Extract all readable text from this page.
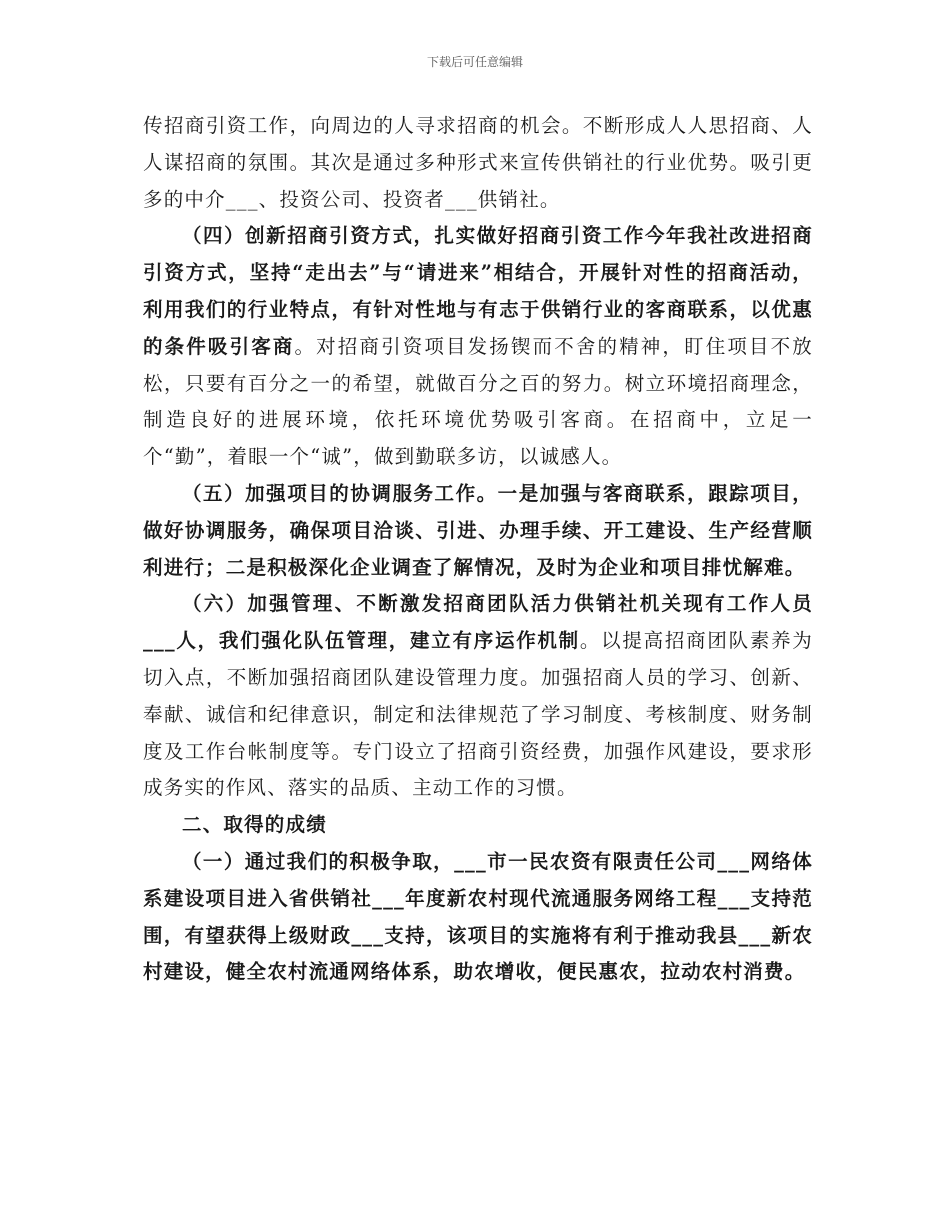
下载后可任意编辑

传招商引资工作，向周边的人寻求招商的机会。不断形成人人思招商、人人谋招商的氛围。其次是通过多种形式来宣传供销社的行业优势。吸引更多的中介___、投资公司、投资者___供销社。

（四）创新招商引资方式，扎实做好招商引资工作今年我社改进招商引资方式，坚持“走出去”与“请进来”相结合，开展针对性的招商活动，利用我们的行业特点，有针对性地与有志于供销行业的客商联系，以优惠的条件吸引客商。对招商引资项目发扬锲而不舍的精神，盯住项目不放松，只要有百分之一的希望，就做百分之百的努力。树立环境招商理念，制造良好的进展环境，依托环境优势吸引客商。在招商中，立足一个“勤”，着眼一个“诚”，做到勤联多访，以诚感人。

（五）加强项目的协调服务工作。一是加强与客商联系，跟踪项目，做好协调服务，确保项目洽谈、引进、办理手续、开工建设、生产经营顺利进行；二是积极深化企业调查了解情况，及时为企业和项目排忧解难。

（六）加强管理、不断激发招商团队活力供销社机关现有工作人员___人，我们强化队伍管理，建立有序运作机制。以提高招商团队素养为切入点，不断加强招商团队建设管理力度。加强招商人员的学习、创新、奉献、诚信和纪律意识，制定和法律规范了学习制度、考核制度、财务制度及工作台帐制度等。专门设立了招商引资经费，加强作风建设，要求形成务实的作风、落实的品质、主动工作的习惯。

二、取得的成绩

（一）通过我们的积极争取，___市一民农资有限责任公司___网络体系建设项目进入省供销社___年度新农村现代流通服务网络工程___支持范围，有望获得上级财政___支持，该项目的实施将有利于推动我县___新农村建设，健全农村流通网络体系，助农增收，便民惠农，拉动农村消费。
